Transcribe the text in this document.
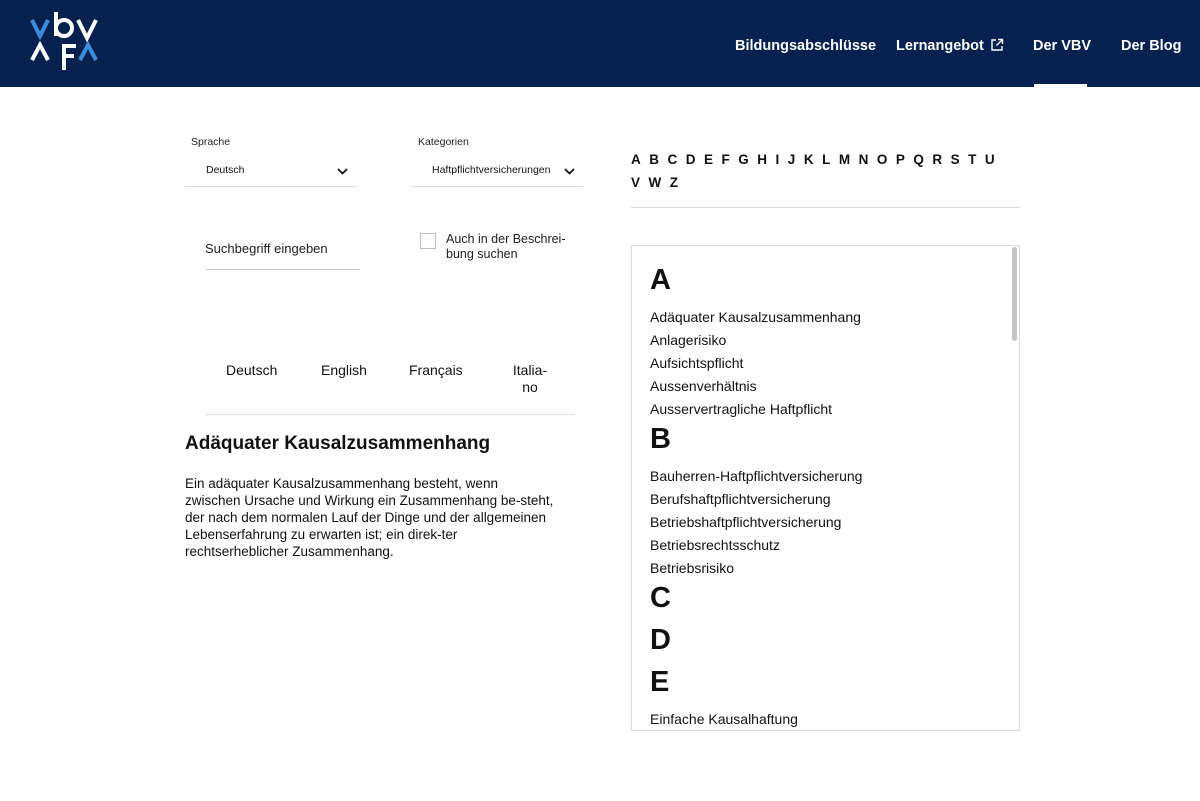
Bildungsabschlüsse Lernangebot	Der VBV Der Blog
Sprache
Deutsch
Kategorien
Haftpflichtversicherungen
Suchbegriff eingeben
Auch in der Beschrei-bung suchen
Deutsch	English	Français	Italia-no
Adäquater Kausalzusammenhang
Ein adäquater Kausalzusammenhang besteht, wenn zwischen Ursache und Wirkung ein Zusammenhang be-steht, der nach dem normalen Lauf der Dinge und der allgemeinen Lebenserfahrung zu erwarten ist; ein direk-ter rechtserheblicher Zusammenhang.
A B C D E F G H I J K L M N O P Q R S T U
V W Z
A
Adäquater Kausalzusammenhang
Anlagerisiko
Aufsichtspflicht
Aussenverhältnis
Ausservertragliche Haftpflicht
B
Bauherren-Haftpflichtversicherung
Berufshaftpflichtversicherung
Betriebshaftpflichtversicherung
Betriebsrechtsschutz
Betriebsrisiko
C
D
E
Einfache Kausalhaftung
